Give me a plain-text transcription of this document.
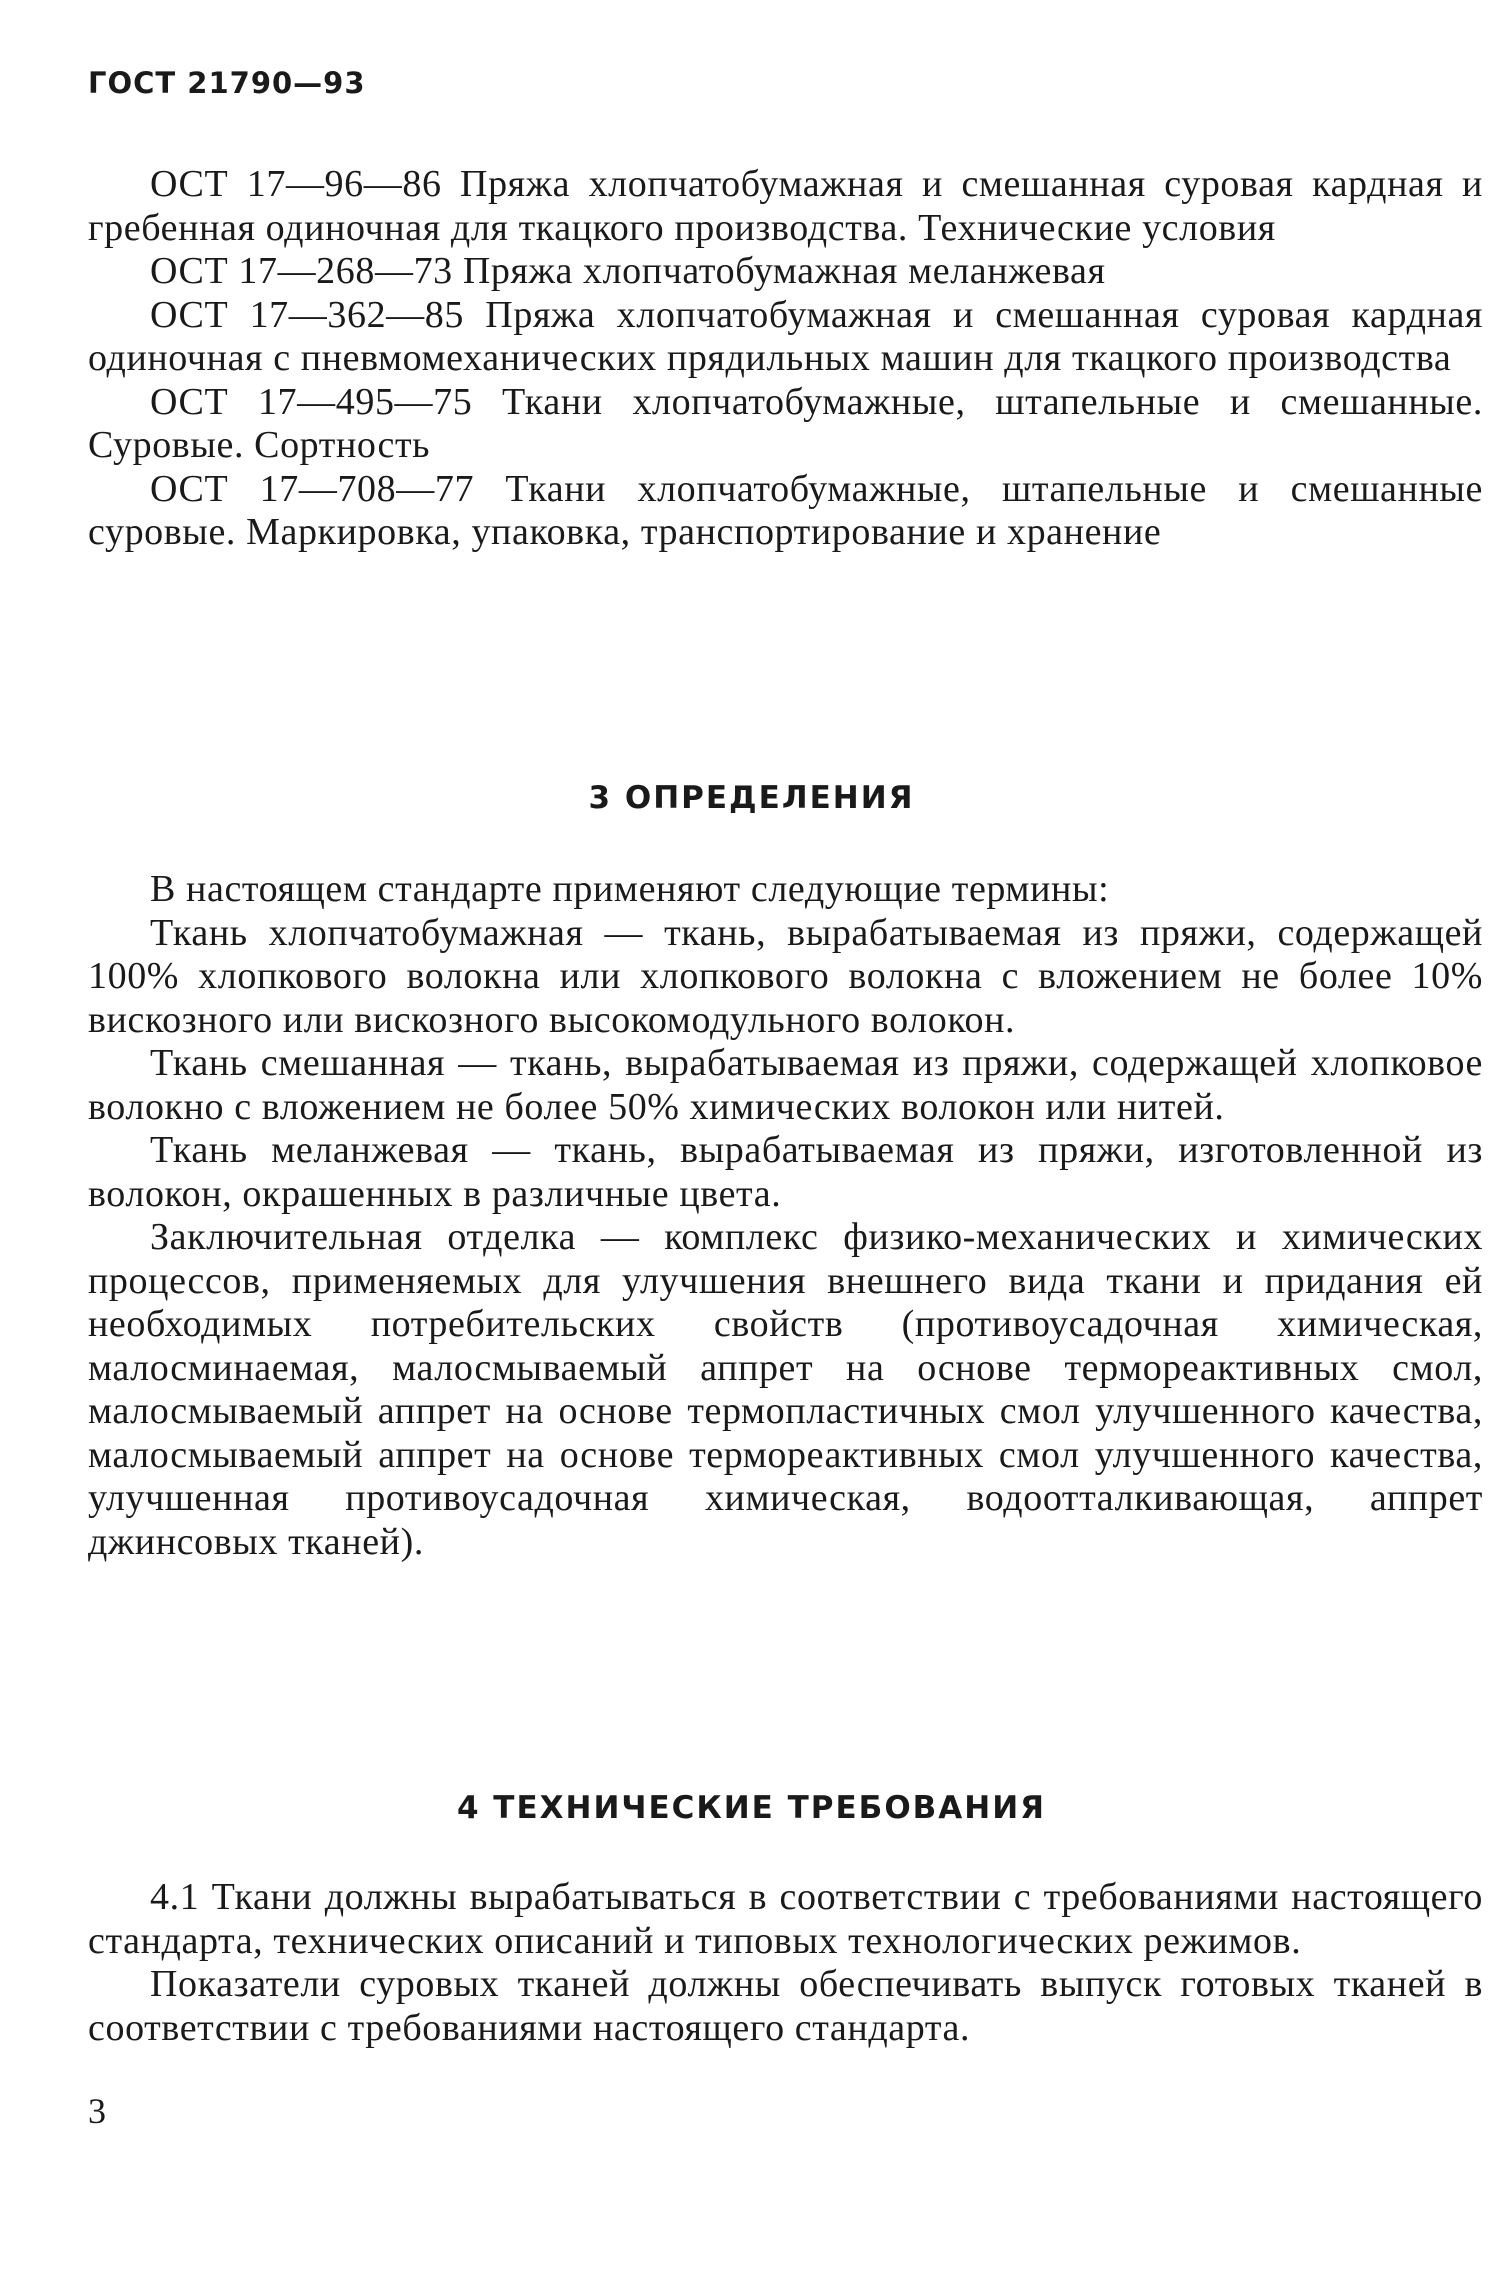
ГОСТ 21790—93

ОСТ 17—96—86 Пряжа хлопчатобумажная и смешанная суровая кардная и гребенная одиночная для ткацкого производства. Технические условия

ОСТ 17—268—73 Пряжа хлопчатобумажная меланжевая

ОСТ 17—362—85 Пряжа хлопчатобумажная и смешанная суровая кардная одиночная с пневмомеханических прядильных машин для ткацкого производства

ОСТ 17—495—75 Ткани хлопчатобумажные, штапельные и смешанные. Суровые. Сортность

ОСТ 17—708—77 Ткани хлопчатобумажные, штапельные и смешанные суровые. Маркировка, упаковка, транспортирование и хранение

3 ОПРЕДЕЛЕНИЯ

В настоящем стандарте применяют следующие термины:

Ткань хлопчатобумажная — ткань, вырабатываемая из пряжи, содержащей 100% хлопкового волокна или хлопкового волокна с вложением не более 10% вискозного или вискозного высокомодульного волокон.

Ткань смешанная — ткань, вырабатываемая из пряжи, содержащей хлопковое волокно с вложением не более 50% химических волокон или нитей.

Ткань меланжевая — ткань, вырабатываемая из пряжи, изготовленной из волокон, окрашенных в различные цвета.

Заключительная отделка — комплекс физико-механических и химических процессов, применяемых для улучшения внешнего вида ткани и придания ей необходимых потребительских свойств (противоусадочная химическая, малосминаемая, малосмываемый аппрет на основе термореактивных смол, малосмываемый аппрет на основе термопластичных смол улучшенного качества, малосмываемый аппрет на основе термореактивных смол улучшенного качества, улучшенная противоусадочная химическая, водоотталкивающая, аппрет джинсовых тканей).

4 ТЕХНИЧЕСКИЕ ТРЕБОВАНИЯ

4.1 Ткани должны вырабатываться в соответствии с требованиями настоящего стандарта, технических описаний и типовых технологических режимов.

Показатели суровых тканей должны обеспечивать выпуск готовых тканей в соответствии с требованиями настоящего стандарта.

3
